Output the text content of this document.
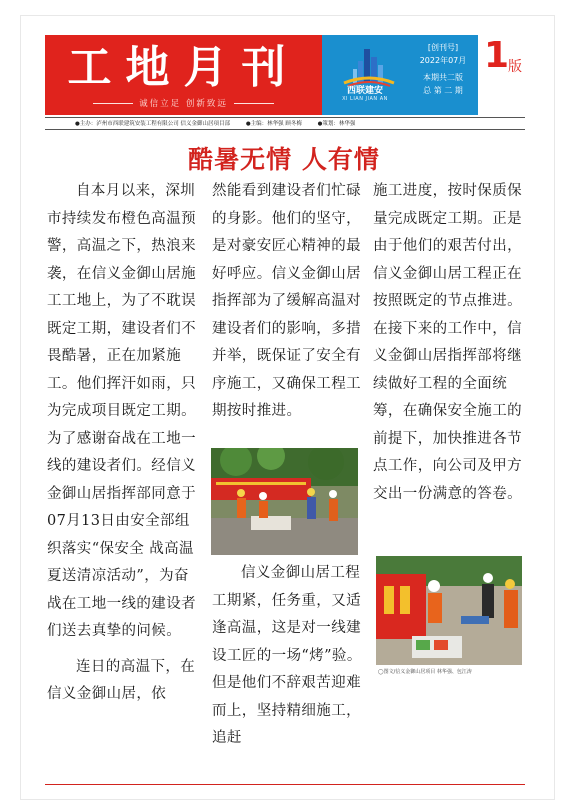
工地月刊
诚信立足 创新致远
西联建安
XI LIAN JIAN AN
[创刊号]
2022年07月
本期共二版
总 第 二 期
1
版
●主办：泸州市西联建筑安装工程有限公司 信义金御山居项目部	●主编：林华强 顾冬梅	●策划：林华强
酷暑无情 人有情

自本月以来，深圳市持续发布橙色高温预警，高温之下，热浪来袭，在信义金御山居施工工地上，为了不耽误既定工期，建设者们不畏酷暑，正在加紧施工。他们挥汗如雨，只为完成项目既定工期。为了感谢奋战在工地一线的建设者们。经信义金御山居指挥部同意于07月13日由安全部组织落实“保安全 战高温 夏送清凉活动”，为奋战在工地一线的建设者们送去真挚的问候。

连日的高温下，在信义金御山居，依

然能看到建设者们忙碌的身影。他们的坚守，是对豪安匠心精神的最好呼应。信义金御山居指挥部为了缓解高温对建设者们的影响，多措并举，既保证了安全有序施工，又确保工程工期按时推进。

信义金御山居工程工期紧，任务重，又适逢高温，这是对一线建设工匠的一场“烤”验。但是他们不辞艰苦迎难而上，坚持精细施工，追赶

施工进度，按时保质保量完成既定工期。正是由于他们的艰苦付出，信义金御山居工程正在按照既定的节点推进。在接下来的工作中，信义金御山居指挥部将继续做好工程的全面统筹，在确保安全施工的前提下，加快推进各节点工作，向公司及甲方交出一份满意的答卷。

◯图文/信义金御山居项目 林华强、包江涛
